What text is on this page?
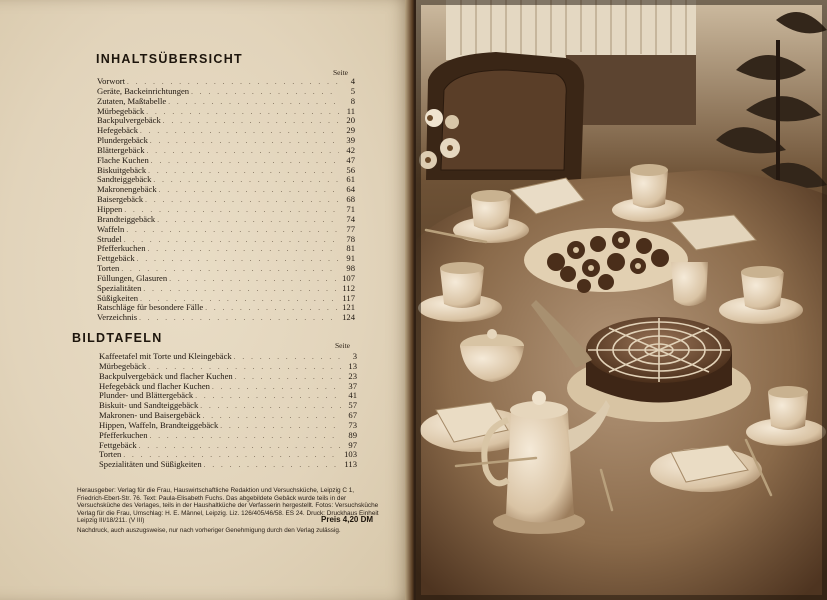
INHALTSÜBERSICHT
Seite
Vorwort . . .	4
Geräte, Backeinrichtungen . . .	5
Zutaten, Maßtabelle . . .	8
Mürbegebäck . . .	11
Backpulvergebäck . . .	20
Hefegebäck . . .	29
Plundergebäck . . .	39
Blättergebäck . . .	42
Flache Kuchen . . .	47
Biskuitgebäck . . .	56
Sandteiggebäck . . .	61
Makronengebäck . . .	64
Baisergebäck . . .	68
Hippen . . .	71
Brandteiggebäck . . .	74
Waffeln . . .	77
Strudel . . .	78
Pfefferkuchen . . .	81
Fettgebäck . . .	91
Torten . . .	98
Füllungen, Glasuren . . .	107
Spezialitäten . . .	112
Süßigkeiten . . .	117
Ratschläge für besondere Fälle . . .	121
Verzeichnis . . .	124
BILDTAFELN
Seite
Kaffeetafel mit Torte und Kleingebäck . . .	3
Mürbegebäck . . .	13
Backpulvergebäck und flacher Kuchen . . .	23
Hefegebäck und flacher Kuchen . . .	37
Plunder- und Blättergebäck . . .	41
Biskuit- und Sandteiggebäck . . .	57
Makronen- und Baisergebäck . . .	67
Hippen, Waffeln, Brandteiggebäck . . .	73
Pfefferkuchen . . .	89
Fettgebäck . . .	97
Torten . . .	103
Spezialitäten und Süßigkeiten . . .	113
Herausgeber: Verlag für die Frau, Hauswirtschaftliche Redaktion und Versuchsküche, Leipzig C 1, Friedrich-Ebert-Str. 76. Text: Paula-Elisabeth Fuchs. Das abgebildete Gebäck wurde teils in der Versuchsküche des Verlages, teils in der Haushaltküche der Verfasserin hergestellt. Fotos: Versuchsküche Verlag für die Frau, Umschlag: H. E. Männel, Leipzig. Liz. 126/405/46/58. ES 24. Druck: Druckhaus Einheit Leipzig III/18/211. (V III)	Preis 4,20 DM
Nachdruck, auch auszugsweise, nur nach vorheriger Genehmigung durch den Verlag zulässig.
